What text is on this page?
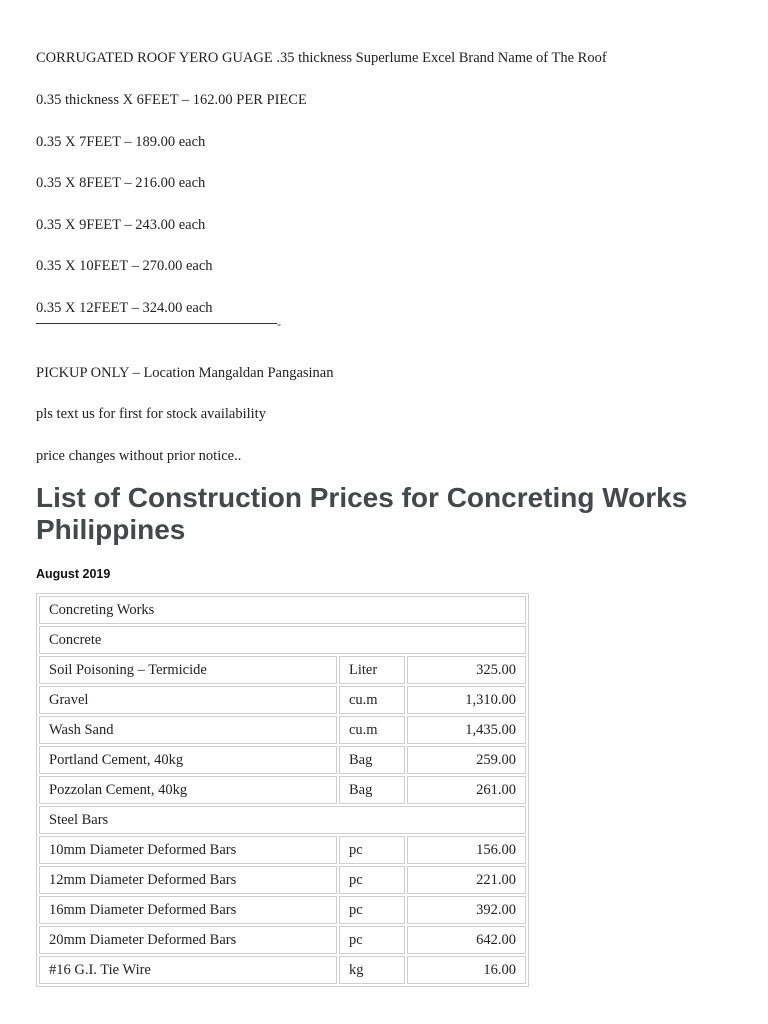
CORRUGATED ROOF YERO GUAGE .35 thickness Superlume Excel Brand Name of The Roof
0.35 thickness X 6FEET – 162.00 PER PIECE
0.35 X 7FEET – 189.00 each
0.35 X 8FEET – 216.00 each
0.35 X 9FEET – 243.00 each
0.35 X 10FEET – 270.00 each
0.35 X 12FEET – 324.00 each
-
PICKUP ONLY – Location Mangaldan Pangasinan
pls text us for first for stock availability
price changes without prior notice..
List of Construction Prices for Concreting Works Philippines
August 2019
Concreting Works		
Concrete		
Soil Poisoning – Termicide	Liter	325.00
Gravel	cu.m	1,310.00
Wash Sand	cu.m	1,435.00
Portland Cement, 40kg	Bag	259.00
Pozzolan Cement, 40kg	Bag	261.00
Steel Bars		
10mm Diameter Deformed Bars	pc	156.00
12mm Diameter Deformed Bars	pc	221.00
16mm Diameter Deformed Bars	pc	392.00
20mm Diameter Deformed Bars	pc	642.00
#16 G.I. Tie Wire	kg	16.00
